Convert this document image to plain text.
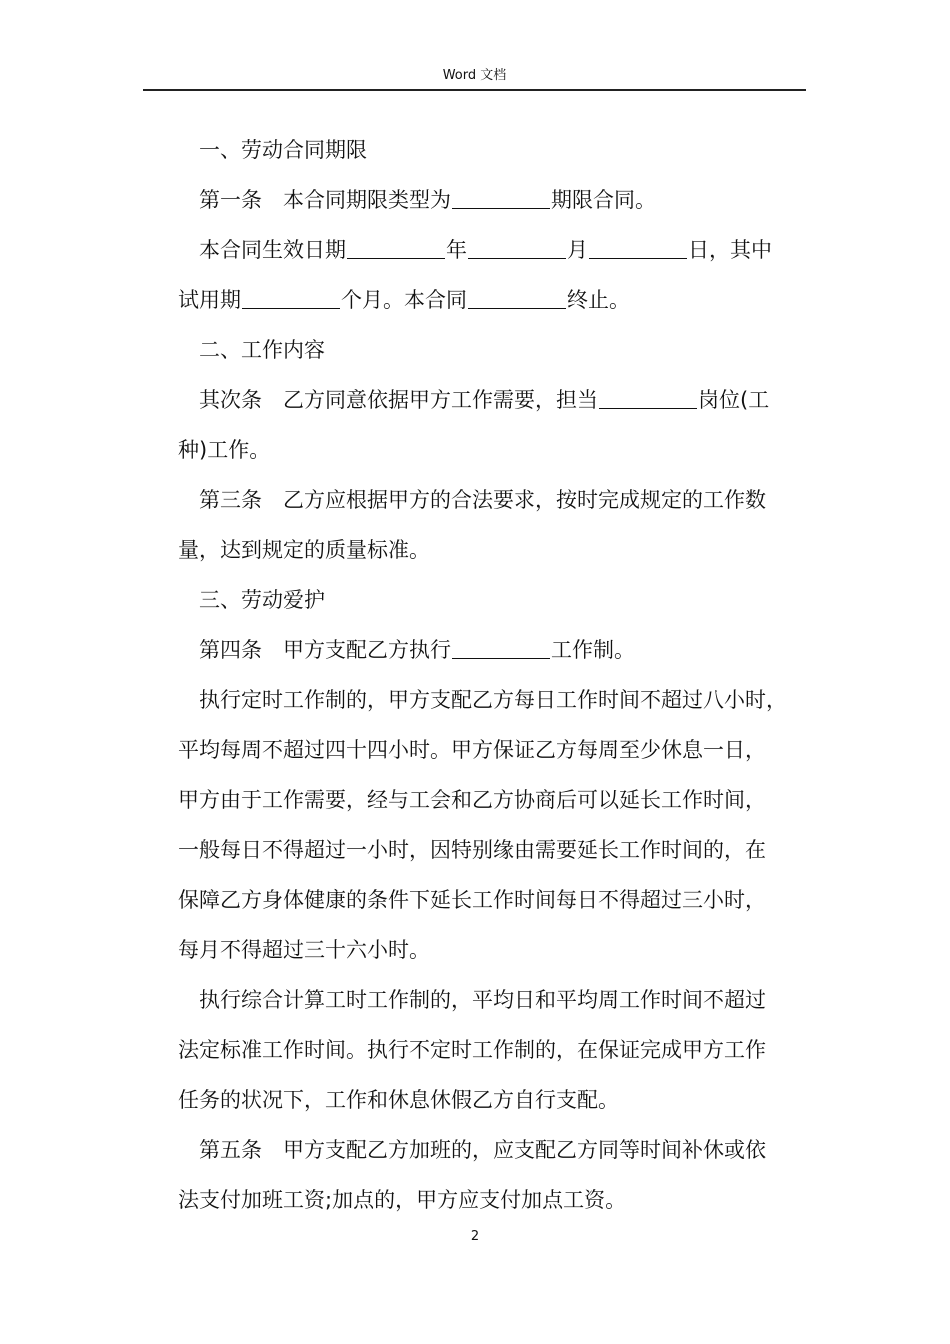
Word 文档

一、劳动合同期限

第一条　本合同期限类型为	期限合同。

本合同生效日期	年	月	日，其中

试用期	个月。本合同	终止。

二、工作内容

其次条　乙方同意依据甲方工作需要，担当	岗位(工

种)工作。

第三条　乙方应根据甲方的合法要求，按时完成规定的工作数

量，达到规定的质量标准。

三、劳动爱护

第四条　甲方支配乙方执行	工作制。

执行定时工作制的，甲方支配乙方每日工作时间不超过八小时，

平均每周不超过四十四小时。甲方保证乙方每周至少休息一日，

甲方由于工作需要，经与工会和乙方协商后可以延长工作时间，

一般每日不得超过一小时，因特别缘由需要延长工作时间的，在

保障乙方身体健康的条件下延长工作时间每日不得超过三小时，

每月不得超过三十六小时。

执行综合计算工时工作制的，平均日和平均周工作时间不超过

法定标准工作时间。执行不定时工作制的，在保证完成甲方工作

任务的状况下，工作和休息休假乙方自行支配。

第五条　甲方支配乙方加班的，应支配乙方同等时间补休或依

法支付加班工资;加点的，甲方应支付加点工资。

2
